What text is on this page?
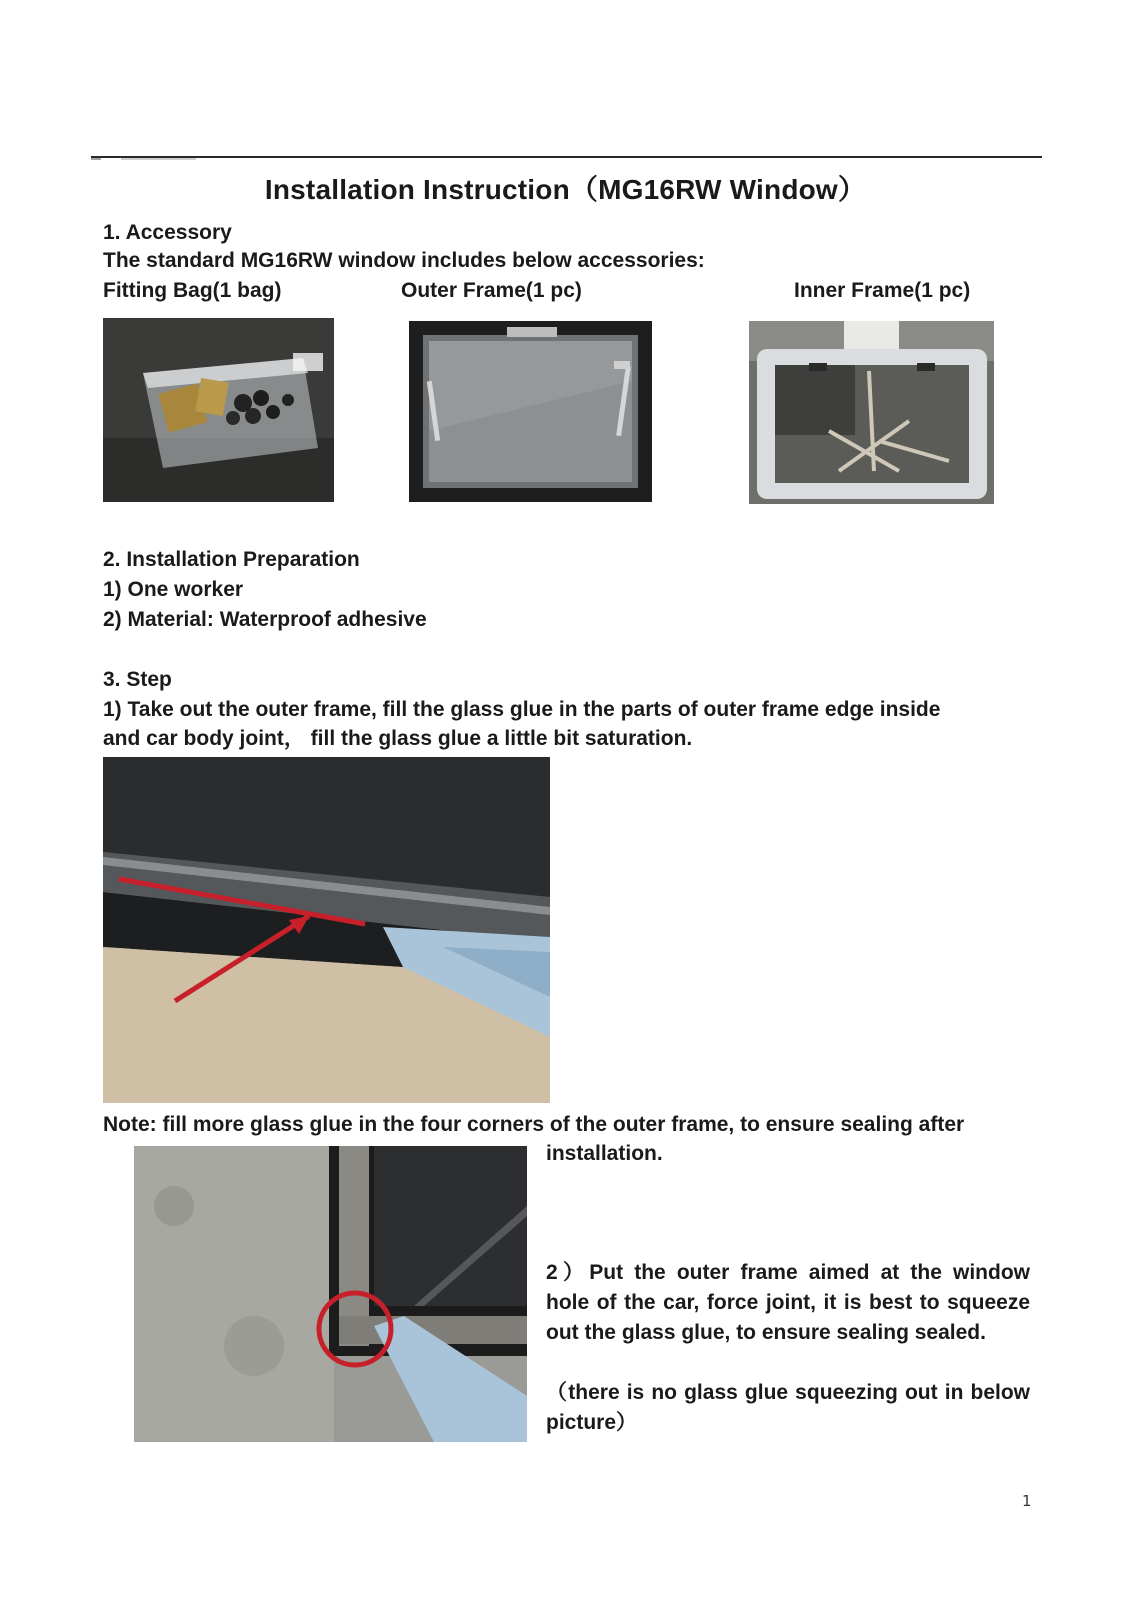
Installation Instruction（MG16RW Window）
1. Accessory
The standard MG16RW window includes below accessories:
Fitting Bag(1 bag)	Outer Frame(1 pc)	Inner Frame(1 pc)
2. Installation Preparation
1) One worker
2) Material: Waterproof adhesive
3. Step
1) Take out the outer frame, fill the glass glue in the parts of outer frame edge inside
and car body joint， fill the glass glue a little bit saturation.
Note: fill more glass glue in the four corners of the outer frame, to ensure sealing after
installation.
2）Put the outer frame aimed at the window hole of the car, force joint, it is best to squeeze out the glass glue, to ensure sealing sealed.
（there is no glass glue squeezing out in below picture）
1
